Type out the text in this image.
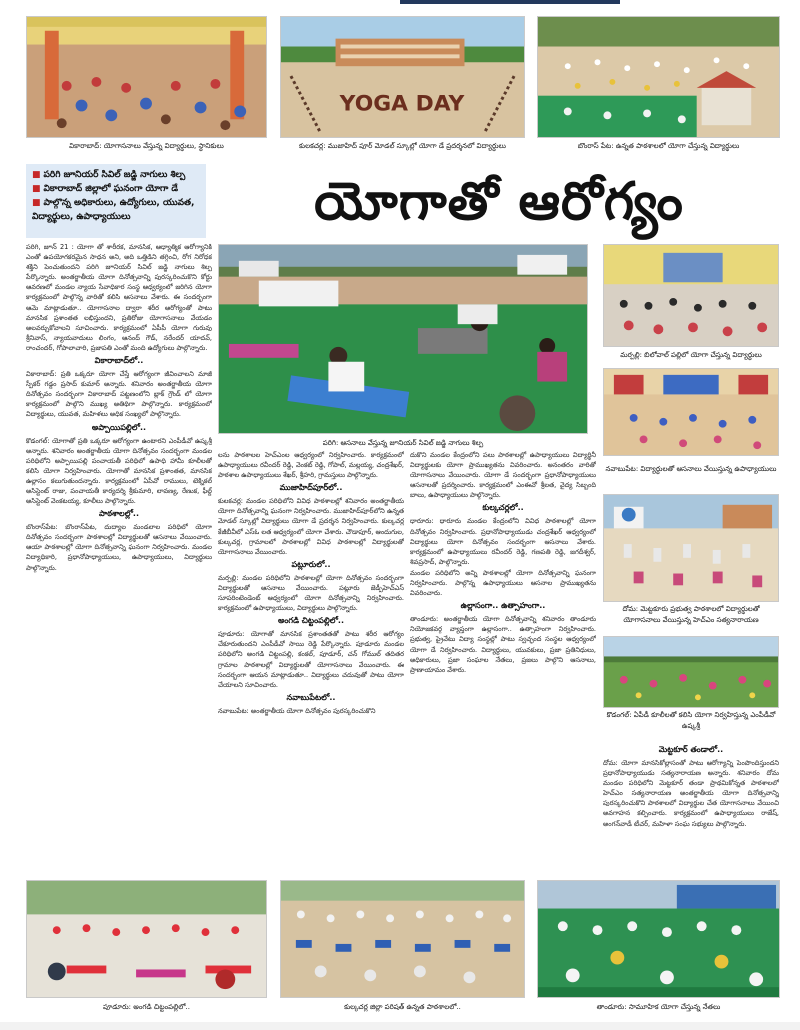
వికారాబాద్: యోగాసనాలు వేస్తున్న విద్యార్థులు, స్థానికులు
YOGA DAY
కులకచర్ల: ముజాహిద్ పూర్ మోడల్ స్కూల్లో యోగా డే ప్రదర్శనలో విద్యార్థులు	బొంరాస్ పేట: ఉన్నత పాఠశాలలో యోగా చేస్తున్న విద్యార్థులు
■ పరిగి జూనియర్ సివిల్ జడ్జి నాగులు శిల్ప
■ వికారాబాద్ జిల్లాలో ఘనంగా యోగా డే
■ పాల్గొన్న అధికారులు, ఉద్యోగులు, యువత,
విద్యార్థులు, ఉపాధ్యాయులు	యోగాతో ఆరోగ్యం
పరిగి: ఆసనాలు వేస్తున్న జూనియర్ సివిల్ జడ్జి నాగులు శిల్ప
మర్పల్లి: బిలోవాల్ పల్లిలో యోగా చేస్తున్న విద్యార్థులు
నవాబుపేట: విద్యార్థులతో ఆసనాలు వేయిస్తున్న ఉపాధ్యాయులు
దోమ: మెట్టకూరు ప్రభుత్వ పాఠశాలలో విద్యార్థులతో యోగాసనాలు వేయిస్తున్న హెచ్ఎం సత్యనారాయణ
కొడంగల్: ఏపీడీ కూలీలతో కలిసి యోగా నిర్వహిస్తున్న ఎంపీడీవో ఉష్కశ్రీ

పరిగి, జూన్ 21 : యోగా తో శారీరక, మానసిక, ఆధ్యాత్మిక ఆరోగ్యానికి ఎంతో ఉపయోగకరమైన సాధన అని, అది ఒత్తిడిని తగ్గించి, రోగ నిరోధక శక్తిని పెంచుతుందని పరిగి జూనియర్ సివిల్ జడ్జి నాగులు శిల్ప పేర్కొన్నారు. అంతర్జాతీయ యోగా దినోత్సవాన్ని పురస్కరించుకొని కోర్టు ఆవరణలో మండల న్యాయ సేవాధికార సంస్థ ఆధ్వర్యంలో జరిగిన యోగా కార్యక్రమంలో పాల్గొన్న వారితో కలిసి ఆసనాలు వేశారు. ఈ సందర్భంగా ఆమె మాట్లాడుతూ.. యోగాసనాల ద్వారా శరీర ఆరోగ్యంతో పాటు మానసిక ప్రశాంతత లభిస్తుందని, ప్రతిరోజు యోగాసనాలు వేయడం అలవర్చుకోవాలని సూచించారు. కార్యక్రమంలో ఏపీపీ యోగా గురువు శ్రీనివాస్, న్యాయవాదులు లింగం, ఆనంద్ గౌడ్, నరేందర్ యాదవ్, రాంచందర్, గోపాలాచారి, ప్రజాపతి ఎంతో మంది ఉద్యోగులు పాల్గొన్నారు.

వికారాబాద్‌లో..

వికారాబాద్: ప్రతి ఒక్కరూ యోగా చేస్తే ఆరోగ్యంగా జీవించాలని మాజీ స్పీకర్ గడ్డం ప్రసాద్ కుమార్ అన్నారు. శనివారం అంతర్జాతీయ యోగా దినోత్సవం సందర్భంగా వికారాబాద్ పట్టణంలోని బ్లాక్ గ్రౌండ్ లో యోగా కార్యక్రమంలో పాల్గొని ముఖ్య అతిథిగా పాల్గొన్నారు. కార్యక్రమంలో విద్యార్థులు, యువత, మహిళలు అధిక సంఖ్యలో పాల్గొన్నారు.

అప్పాయిపల్లిలో..

కొడంగల్: యోగాతో ప్రతి ఒక్కరూ ఆరోగ్యంగా ఉంటారని ఎంపీడీవో ఉష్కశ్రీ అన్నారు. శనివారం అంతర్జాతీయ యోగా దినోత్సవం సందర్భంగా మండల పరిధిలోని అప్పాయిపల్లి పంచాయతీ పరిధిలో ఉపాధి హామీ కూలీలతో కలిసి యోగా నిర్వహించారు. యోగాతో మానసిక ప్రశాంతత, మానసిక ఉల్లాసం కలుగుతుందన్నారు. కార్యక్రమంలో ఏపీవో రాములు, టెక్నికల్ అసిస్టెంట్ రాజు, పంచాయతీ కార్యదర్శి శ్రీకుమారి, లావణ్య, రేణుక, ఫీల్డ్ అసిస్టెంట్ వెంకటయ్య, కూలీలు పాల్గొన్నారు.

పాఠశాలల్లో..

బొంరాస్‌పేట: బొంరాస్‌పేట, దుద్యాల మండలాల పరిధిలో యోగా దినోత్సవం సందర్భంగా పాఠశాలల్లో విద్యార్థులతో ఆసనాలు వేయించారు. ఆయా పాఠశాలల్లో యోగా దినోత్సవాన్ని ఘనంగా నిర్వహించారు. మండల విద్యాధికారి, ప్రధానోపాధ్యాయులు, ఉపాధ్యాయులు, విద్యార్థులు పాల్గొన్నారు.

లను పాఠశాలల హెచ్ఎంల ఆధ్వర్యంలో నిర్వహించారు. కార్యక్రమంలో ఉపాధ్యాయులు రవీందర్ రెడ్డి, వెంకట్ రెడ్డి, గోపాల్, మల్లయ్య, చంద్రశేఖర్, పాఠశాల ఉపాధ్యాయులు శేఖర్, శ్రీహరి, గ్రామస్తులు పాల్గొన్నారు.

ముజాహిద్‌పూర్‌లో..

కులకచర్ల: మండల పరిధిలోని వివిధ పాఠశాలల్లో శనివారం అంతర్జాతీయ యోగా దినోత్సవాన్ని ఘనంగా నిర్వహించారు. ముజాహిద్‌పూర్‌లోని ఉన్నత మోడల్ స్కూల్లో విద్యార్థులు యోగా డే ప్రదర్శన నిర్వహించారు. కుల్కచర్ల కేజీబీవీలో ఎస్‌ఓ లత ఆధ్వర్యంలో యోగా చేశారు. చౌడాపూర్, ఆందుగుల, కుల్కచర్ల, గ్రామాలలో పాఠశాలల్లో వివిధ పాఠశాలల్లో విద్యార్థులతో యోగాసనాలు వేయించారు.

పట్లూరులో..

మర్పల్లి: మండల పరిధిలోని పాఠశాలల్లో యోగా దినోత్సవం సందర్భంగా విద్యార్థులతో ఆసనాలు వేయించారు. పట్లూరు జెడ్పీహెచ్ఎస్ సూపరింటెండెంట్ ఆధ్వర్యంలో యోగా దినోత్సవాన్ని నిర్వహించారు. కార్యక్రమంలో ఉపాధ్యాయులు, విద్యార్థులు పాల్గొన్నారు.

అంగడి చిట్టంపల్లిలో..

పూడూరు: యోగాతో మానసిక ప్రశాంతతతో పాటు శరీర ఆరోగ్యం చేకూరుతుందని ఎంపీడీవో సాయి రెడ్డి పేర్కొన్నారు. పూడూరు మండల పరిధిలోని అంగడి చిట్టంపల్లి, కంకల్, పూడూర్, చన్ గోముల్ తదితర గ్రామాల పాఠశాలల్లో విద్యార్థులతో యోగాసనాలు వేయించారు. ఈ సందర్భంగా ఆయన మాట్లాడుతూ.. విద్యార్థులు చదువుతో పాటు యోగా చేయాలని సూచించారు.

నవాబుపేటలో..

నవాబుపేట: అంతర్జాతీయ యోగా దినోత్సవం పురస్కరించుకొని

దుకొని మండల కేంద్రంలోని పలు పాఠశాలల్లో ఉపాధ్యాయులు విద్యార్థినీ విద్యార్థులకు యోగా ప్రాముఖ్యతను వివరించారు. అనంతరం వారితో యోగాసనాలు వేయించారు. యోగా డే సందర్భంగా ప్రధానోపాధ్యాయులు ఆసనాలతో ప్రదర్శించారు. కార్యక్రమంలో ఎంఈవో శ్రీలత, వైద్య సిబ్బంది బాలు, ఉపాధ్యాయులు పాల్గొన్నారు.

కుల్కచర్లలో..

ధారూరు: ధారూరు మండల కేంద్రంలోని వివిధ పాఠశాలల్లో యోగా దినోత్సవం నిర్వహించారు. ప్రధానోపాధ్యాయుడు చంద్రశేఖర్ ఆధ్వర్యంలో విద్యార్థులు యోగా దినోత్సవం సందర్భంగా ఆసనాలు వేశారు. కార్యక్రమంలో ఉపాధ్యాయులు రవీందర్ రెడ్డి, గణపతి రెడ్డి, జగదీశ్వర్, శివప్రసాద్, పాల్గొన్నారు.

మండల పరిధిలోని అన్ని పాఠశాలల్లో యోగా దినోత్సవాన్ని ఘనంగా నిర్వహించారు. పాల్గొన్న ఉపాధ్యాయులు ఆసనాల ప్రాముఖ్యతను వివరించారు.

ఉల్లాసంగా.. ఉత్సాహంగా..

తాండూరు: అంతర్జాతీయ యోగా దినోత్సవాన్ని శనివారం తాండూరు నియోజకవర్గ వ్యాప్తంగా ఉల్లాసంగా.. ఉత్సాహంగా నిర్వహించారు. ప్రభుత్వ, ప్రైవేటు విద్యా సంస్థల్లో పాటు స్వచ్ఛంద సంస్థల ఆధ్వర్యంలో యోగా డే నిర్వహించారు. విద్యార్థులు, యువకులు, ప్రజా ప్రతినిధులు, అధికారులు, ప్రజా సంఘాల నేతలు, ప్రజలు పాల్గొని ఆసనాలు, ప్రాణాయామం వేశారు.

మెట్టకూర్ తండాలో..

దోమ: యోగా మానసికోల్లాసంతో పాటు ఆరోగ్యాన్ని పెంపొందిస్తుందని ప్రధానోపాధ్యాయుడు సత్యనారాయణ అన్నారు. శనివారం దోమ మండల పరిధిలోని మెట్టకూర్ తండా ప్రాథమికోన్నత పాఠశాలలో హెచ్ఎం సత్యనారాయణ అంతర్జాతీయ యోగా దినోత్సవాన్ని పురస్కరించుకొని పాఠశాలలో విద్యార్థుల చేత యోగాసనాలు వేయించి అవగాహన కల్పించారు. కార్యక్రమంలో ఉపాధ్యాయులు రాజేష్, అంగన్‌వాడీ టీచర్, మహిళా సంఘ సభ్యులు పాల్గొన్నారు.

పూడూరు: అంగడి చిట్టంపల్లిలో..	కుల్కచర్ల జిల్లా పరిషత్ ఉన్నత పాఠశాలలో..	తాండూరు: సామూహిక యోగా చేస్తున్న నేతలు
